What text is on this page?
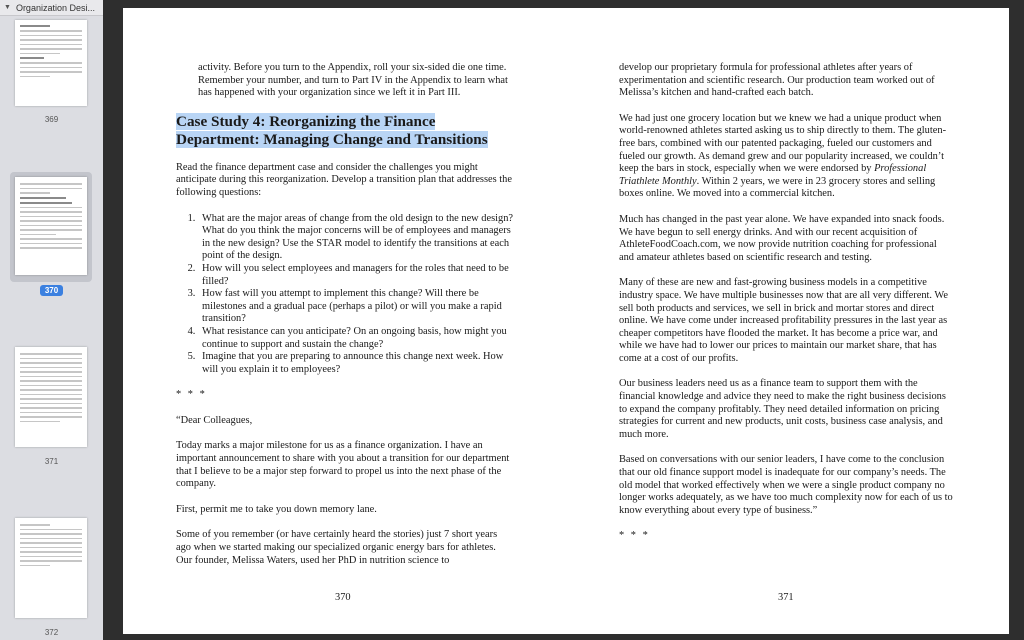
▼ Organization Desi...
369
370
371
372

activity. Before you turn to the Appendix, roll your six-sided die one time. Remember your number, and turn to Part IV in the Appendix to learn what has happened with your organization since we left it in Part III.

Case Study 4: Reorganizing the Finance
Department: Managing Change and Transitions

Read the finance department case and consider the challenges you might anticipate during this reorganization. Develop a transition plan that addresses the following questions:

1. What are the major areas of change from the old design to the new design? What do you think the major concerns will be of employees and managers in the new design? Use the STAR model to identify the transitions at each point of the design.
2. How will you select employees and managers for the roles that need to be filled?
3. How fast will you attempt to implement this change? Will there be milestones and a gradual pace (perhaps a pilot) or will you make a rapid transition?
4. What resistance can you anticipate? On an ongoing basis, how might you continue to support and sustain the change?
5. Imagine that you are preparing to announce this change next week. How will you explain it to employees?

* * *

“Dear Colleagues,

Today marks a major milestone for us as a finance organization. I have an important announcement to share with you about a transition for our department that I believe to be a major step forward to propel us into the next phase of the company.

First, permit me to take you down memory lane.

Some of you remember (or have certainly heard the stories) just 7 short years ago when we started making our specialized organic energy bars for athletes. Our founder, Melissa Waters, used her PhD in nutrition science to

370

develop our proprietary formula for professional athletes after years of experimentation and scientific research. Our production team worked out of Melissa’s kitchen and hand-crafted each batch.

We had just one grocery location but we knew we had a unique product when world-renowned athletes started asking us to ship directly to them. The gluten-free bars, combined with our patented packaging, fueled our customers and fueled our growth. As demand grew and our popularity increased, we couldn’t keep the bars in stock, especially when we were endorsed by Professional Triathlete Monthly. Within 2 years, we were in 23 grocery stores and selling boxes online. We moved into a commercial kitchen.

Much has changed in the past year alone. We have expanded into snack foods. We have begun to sell energy drinks. And with our recent acquisition of AthleteFoodCoach.com, we now provide nutrition coaching for professional and amateur athletes based on scientific research and testing.

Many of these are new and fast-growing business models in a competitive industry space. We have multiple businesses now that are all very different. We sell both products and services, we sell in brick and mortar stores and direct online. We have come under increased profitability pressures in the last year as cheaper competitors have flooded the market. It has become a price war, and while we have had to lower our prices to maintain our market share, that has come at a cost of our profits.

Our business leaders need us as a finance team to support them with the financial knowledge and advice they need to make the right business decisions to expand the company profitably. They need detailed information on pricing strategies for current and new products, unit costs, business case analysis, and much more.

Based on conversations with our senior leaders, I have come to the conclusion that our old finance support model is inadequate for our company’s needs. The old model that worked effectively when we were a single product company no longer works adequately, as we have too much complexity now for each of us to know everything about every type of business.”

* * *

371
